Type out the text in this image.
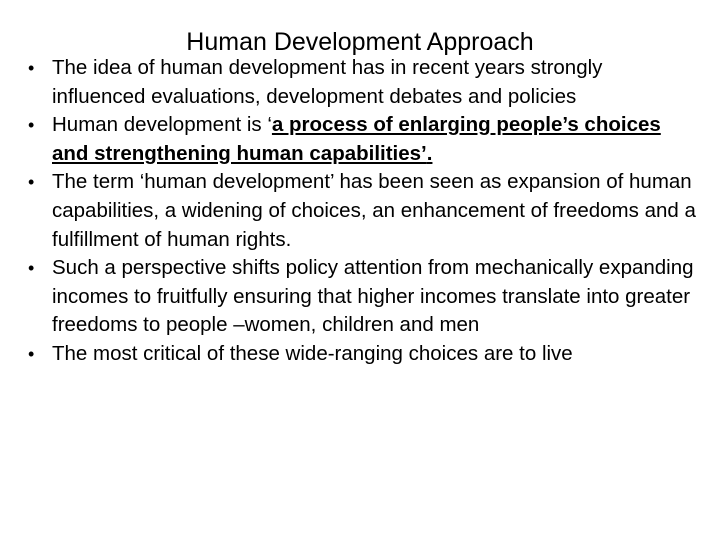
Human Development Approach
• The idea of human development has in recent years strongly influenced evaluations, development debates and policies
• Human development is ‘a process of enlarging people’s choices and strengthening human capabilities’.
• The term ‘human development’ has been seen as expansion of human capabilities, a widening of choices, an enhancement of freedoms and a fulfillment of human rights.
• Such a perspective shifts policy attention from mechanically expanding incomes to fruitfully ensuring that higher incomes translate into greater freedoms to people –women, children and men
• The most critical of these wide-ranging choices are to live
